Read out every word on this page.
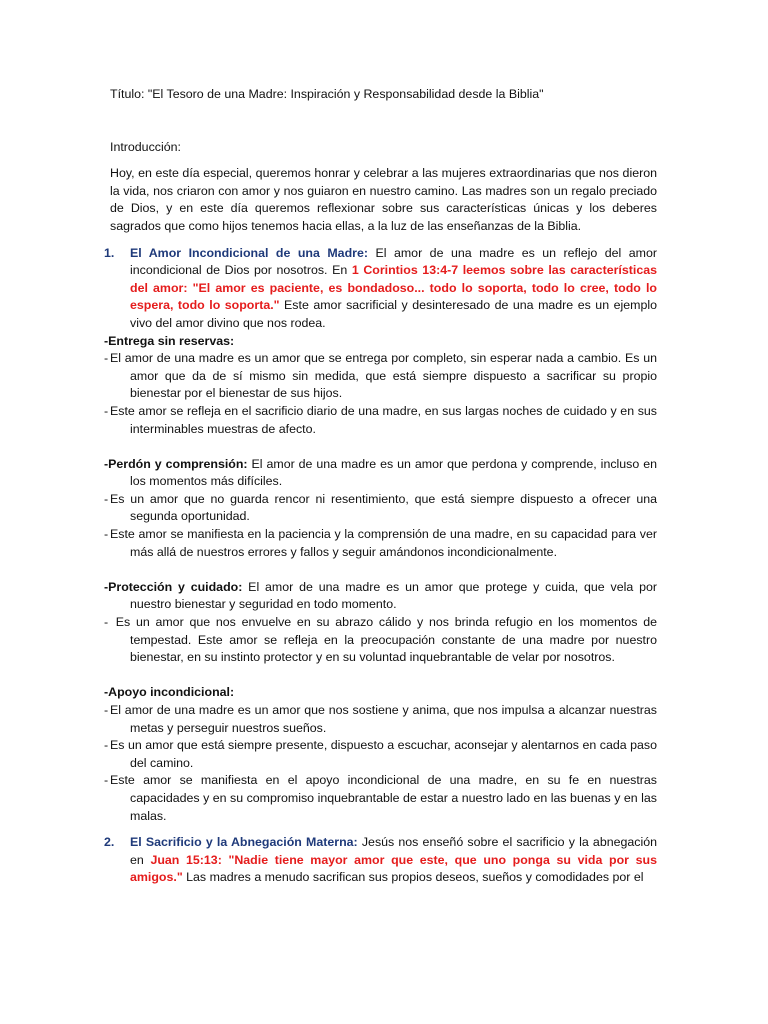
Título: "El Tesoro de una Madre: Inspiración y Responsabilidad desde la Biblia"

Introducción:

Hoy, en este día especial, queremos honrar y celebrar a las mujeres extraordinarias que nos dieron la vida, nos criaron con amor y nos guiaron en nuestro camino. Las madres son un regalo preciado de Dios, y en este día queremos reflexionar sobre sus características únicas y los deberes sagrados que como hijos tenemos hacia ellas, a la luz de las enseñanzas de la Biblia.

1. El Amor Incondicional de una Madre: El amor de una madre es un reflejo del amor incondicional de Dios por nosotros. En 1 Corintios 13:4-7 leemos sobre las características del amor: "El amor es paciente, es bondadoso... todo lo soporta, todo lo cree, todo lo espera, todo lo soporta." Este amor sacrificial y desinteresado de una madre es un ejemplo vivo del amor divino que nos rodea.

-Entrega sin reservas:

- El amor de una madre es un amor que se entrega por completo, sin esperar nada a cambio. Es un amor que da de sí mismo sin medida, que está siempre dispuesto a sacrificar su propio bienestar por el bienestar de sus hijos.

- Este amor se refleja en el sacrificio diario de una madre, en sus largas noches de cuidado y en sus interminables muestras de afecto.

-Perdón y comprensión: El amor de una madre es un amor que perdona y comprende, incluso en los momentos más difíciles.

- Es un amor que no guarda rencor ni resentimiento, que está siempre dispuesto a ofrecer una segunda oportunidad.

- Este amor se manifiesta en la paciencia y la comprensión de una madre, en su capacidad para ver más allá de nuestros errores y fallos y seguir amándonos incondicionalmente.

-Protección y cuidado: El amor de una madre es un amor que protege y cuida, que vela por nuestro bienestar y seguridad en todo momento.

- Es un amor que nos envuelve en su abrazo cálido y nos brinda refugio en los momentos de tempestad. Este amor se refleja en la preocupación constante de una madre por nuestro bienestar, en su instinto protector y en su voluntad inquebrantable de velar por nosotros.

-Apoyo incondicional:

- El amor de una madre es un amor que nos sostiene y anima, que nos impulsa a alcanzar nuestras metas y perseguir nuestros sueños.

- Es un amor que está siempre presente, dispuesto a escuchar, aconsejar y alentarnos en cada paso del camino.

- Este amor se manifiesta en el apoyo incondicional de una madre, en su fe en nuestras capacidades y en su compromiso inquebrantable de estar a nuestro lado en las buenas y en las malas.

2. El Sacrificio y la Abnegación Materna: Jesús nos enseñó sobre el sacrificio y la abnegación en Juan 15:13: "Nadie tiene mayor amor que este, que uno ponga su vida por sus amigos." Las madres a menudo sacrifican sus propios deseos, sueños y comodidades por el
